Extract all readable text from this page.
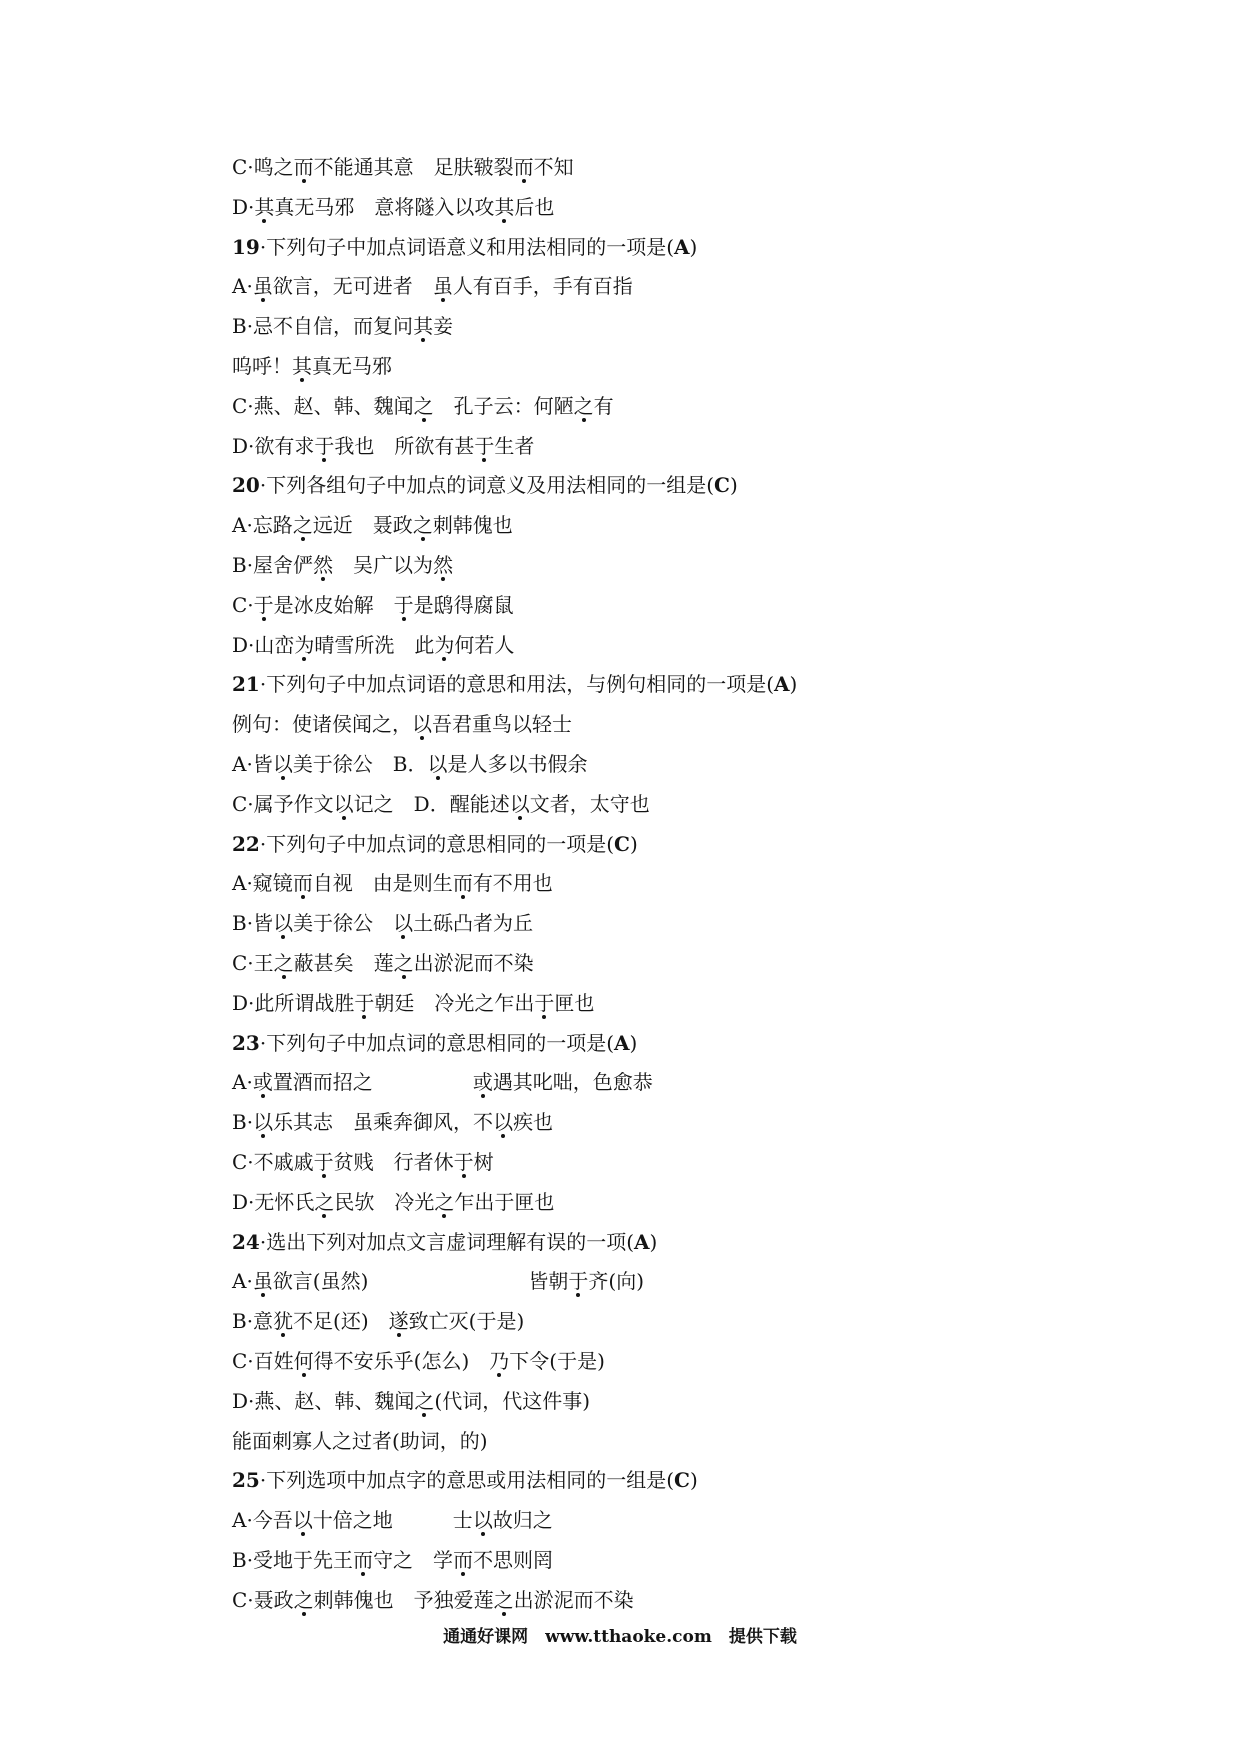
C·鸣之而不能通其意　足肤皲裂而不知
D·其真无马邪　意将隧入以攻其后也
19·下列句子中加点词语意义和用法相同的一项是(A)
A·虽欲言，无可进者　虽人有百手，手有百指
B·忌不自信，而复问其妾
呜呼！其真无马邪
C·燕、赵、韩、魏闻之　孔子云：何陋之有
D·欲有求于我也　所欲有甚于生者
20·下列各组句子中加点的词意义及用法相同的一组是(C)
A·忘路之远近　聂政之刺韩傀也
B·屋舍俨然　吴广以为然
C·于是冰皮始解　于是鸱得腐鼠
D·山峦为晴雪所洗　此为何若人
21·下列句子中加点词语的意思和用法，与例句相同的一项是(A)
例句：使诸侯闻之，以吾君重鸟以轻士
A·皆以美于徐公　B．以是人多以书假余
C·属予作文以记之　D．醒能述以文者，太守也
22·下列句子中加点词的意思相同的一项是(C)
A·窥镜而自视　由是则生而有不用也
B·皆以美于徐公　以土砾凸者为丘
C·王之蔽甚矣　莲之出淤泥而不染
D·此所谓战胜于朝廷　冷光之乍出于匣也
23·下列句子中加点词的意思相同的一项是(A)
A·或置酒而招之　　　　　或遇其叱咄，色愈恭
B·以乐其志　虽乘奔御风，不以疾也
C·不戚戚于贫贱　行者休于树
D·无怀氏之民欤　冷光之乍出于匣也
24·选出下列对加点文言虚词理解有误的一项(A)
A·虽欲言(虽然)　　　　　　　　皆朝于齐(向)
B·意犹不足(还)　遂致亡灭(于是)
C·百姓何得不安乐乎(怎么)　乃下令(于是)
D·燕、赵、韩、魏闻之(代词，代这件事)
能面刺寡人之过者(助词，的)
25·下列选项中加点字的意思或用法相同的一组是(C)
A·今吾以十倍之地　　　士以故归之
B·受地于先王而守之　学而不思则罔
C·聂政之刺韩傀也　予独爱莲之出淤泥而不染
通通好课网　www.tthaoke.com　提供下载
